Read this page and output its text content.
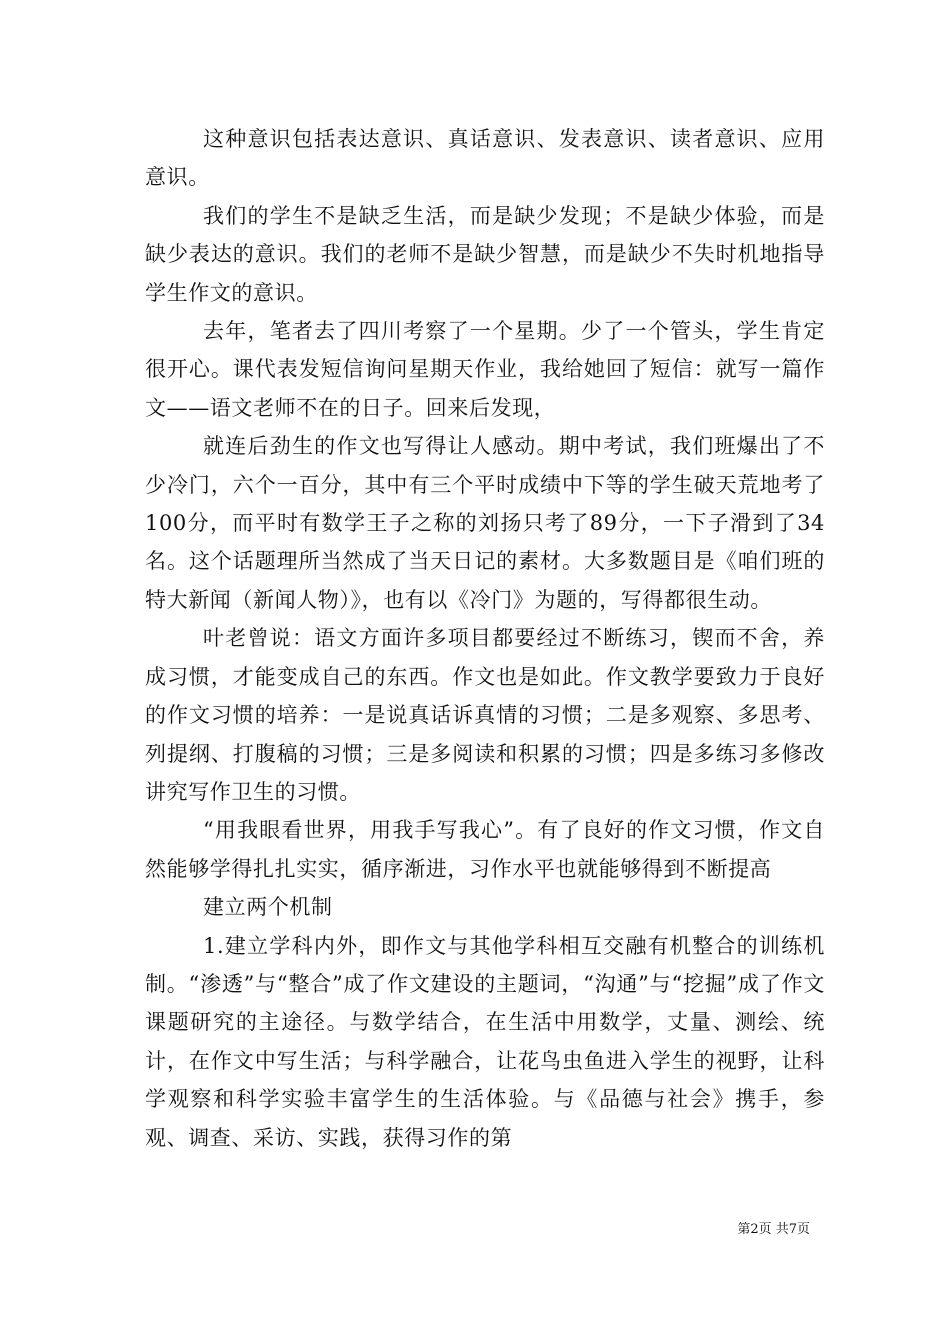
这种意识包括表达意识、真话意识、发表意识、读者意识、应用意识。

我们的学生不是缺乏生活，而是缺少发现；不是缺少体验，而是缺少表达的意识。我们的老师不是缺少智慧，而是缺少不失时机地指导学生作文的意识。

去年，笔者去了四川考察了一个星期。少了一个管头，学生肯定很开心。课代表发短信询问星期天作业，我给她回了短信：就写一篇作文——语文老师不在的日子。回来后发现，

就连后劲生的作文也写得让人感动。期中考试，我们班爆出了不少冷门，六个一百分，其中有三个平时成绩中下等的学生破天荒地考了100分，而平时有数学王子之称的刘扬只考了89分，一下子滑到了34名。这个话题理所当然成了当天日记的素材。大多数题目是《咱们班的特大新闻（新闻人物）》，也有以《冷门》为题的，写得都很生动。

叶老曾说：语文方面许多项目都要经过不断练习，锲而不舍，养成习惯，才能变成自己的东西。作文也是如此。作文教学要致力于良好的作文习惯的培养：一是说真话诉真情的习惯；二是多观察、多思考、列提纲、打腹稿的习惯；三是多阅读和积累的习惯；四是多练习多修改讲究写作卫生的习惯。

“用我眼看世界，用我手写我心”。有了良好的作文习惯，作文自然能够学得扎扎实实，循序渐进，习作水平也就能够得到不断提高

建立两个机制

1.建立学科内外，即作文与其他学科相互交融有机整合的训练机制。“渗透”与“整合”成了作文建设的主题词，“沟通”与“挖掘”成了作文课题研究的主途径。与数学结合，在生活中用数学，丈量、测绘、统计，在作文中写生活；与科学融合，让花鸟虫鱼进入学生的视野，让科学观察和科学实验丰富学生的生活体验。与《品德与社会》携手，参观、调查、采访、实践，获得习作的第

第2页 共7页
